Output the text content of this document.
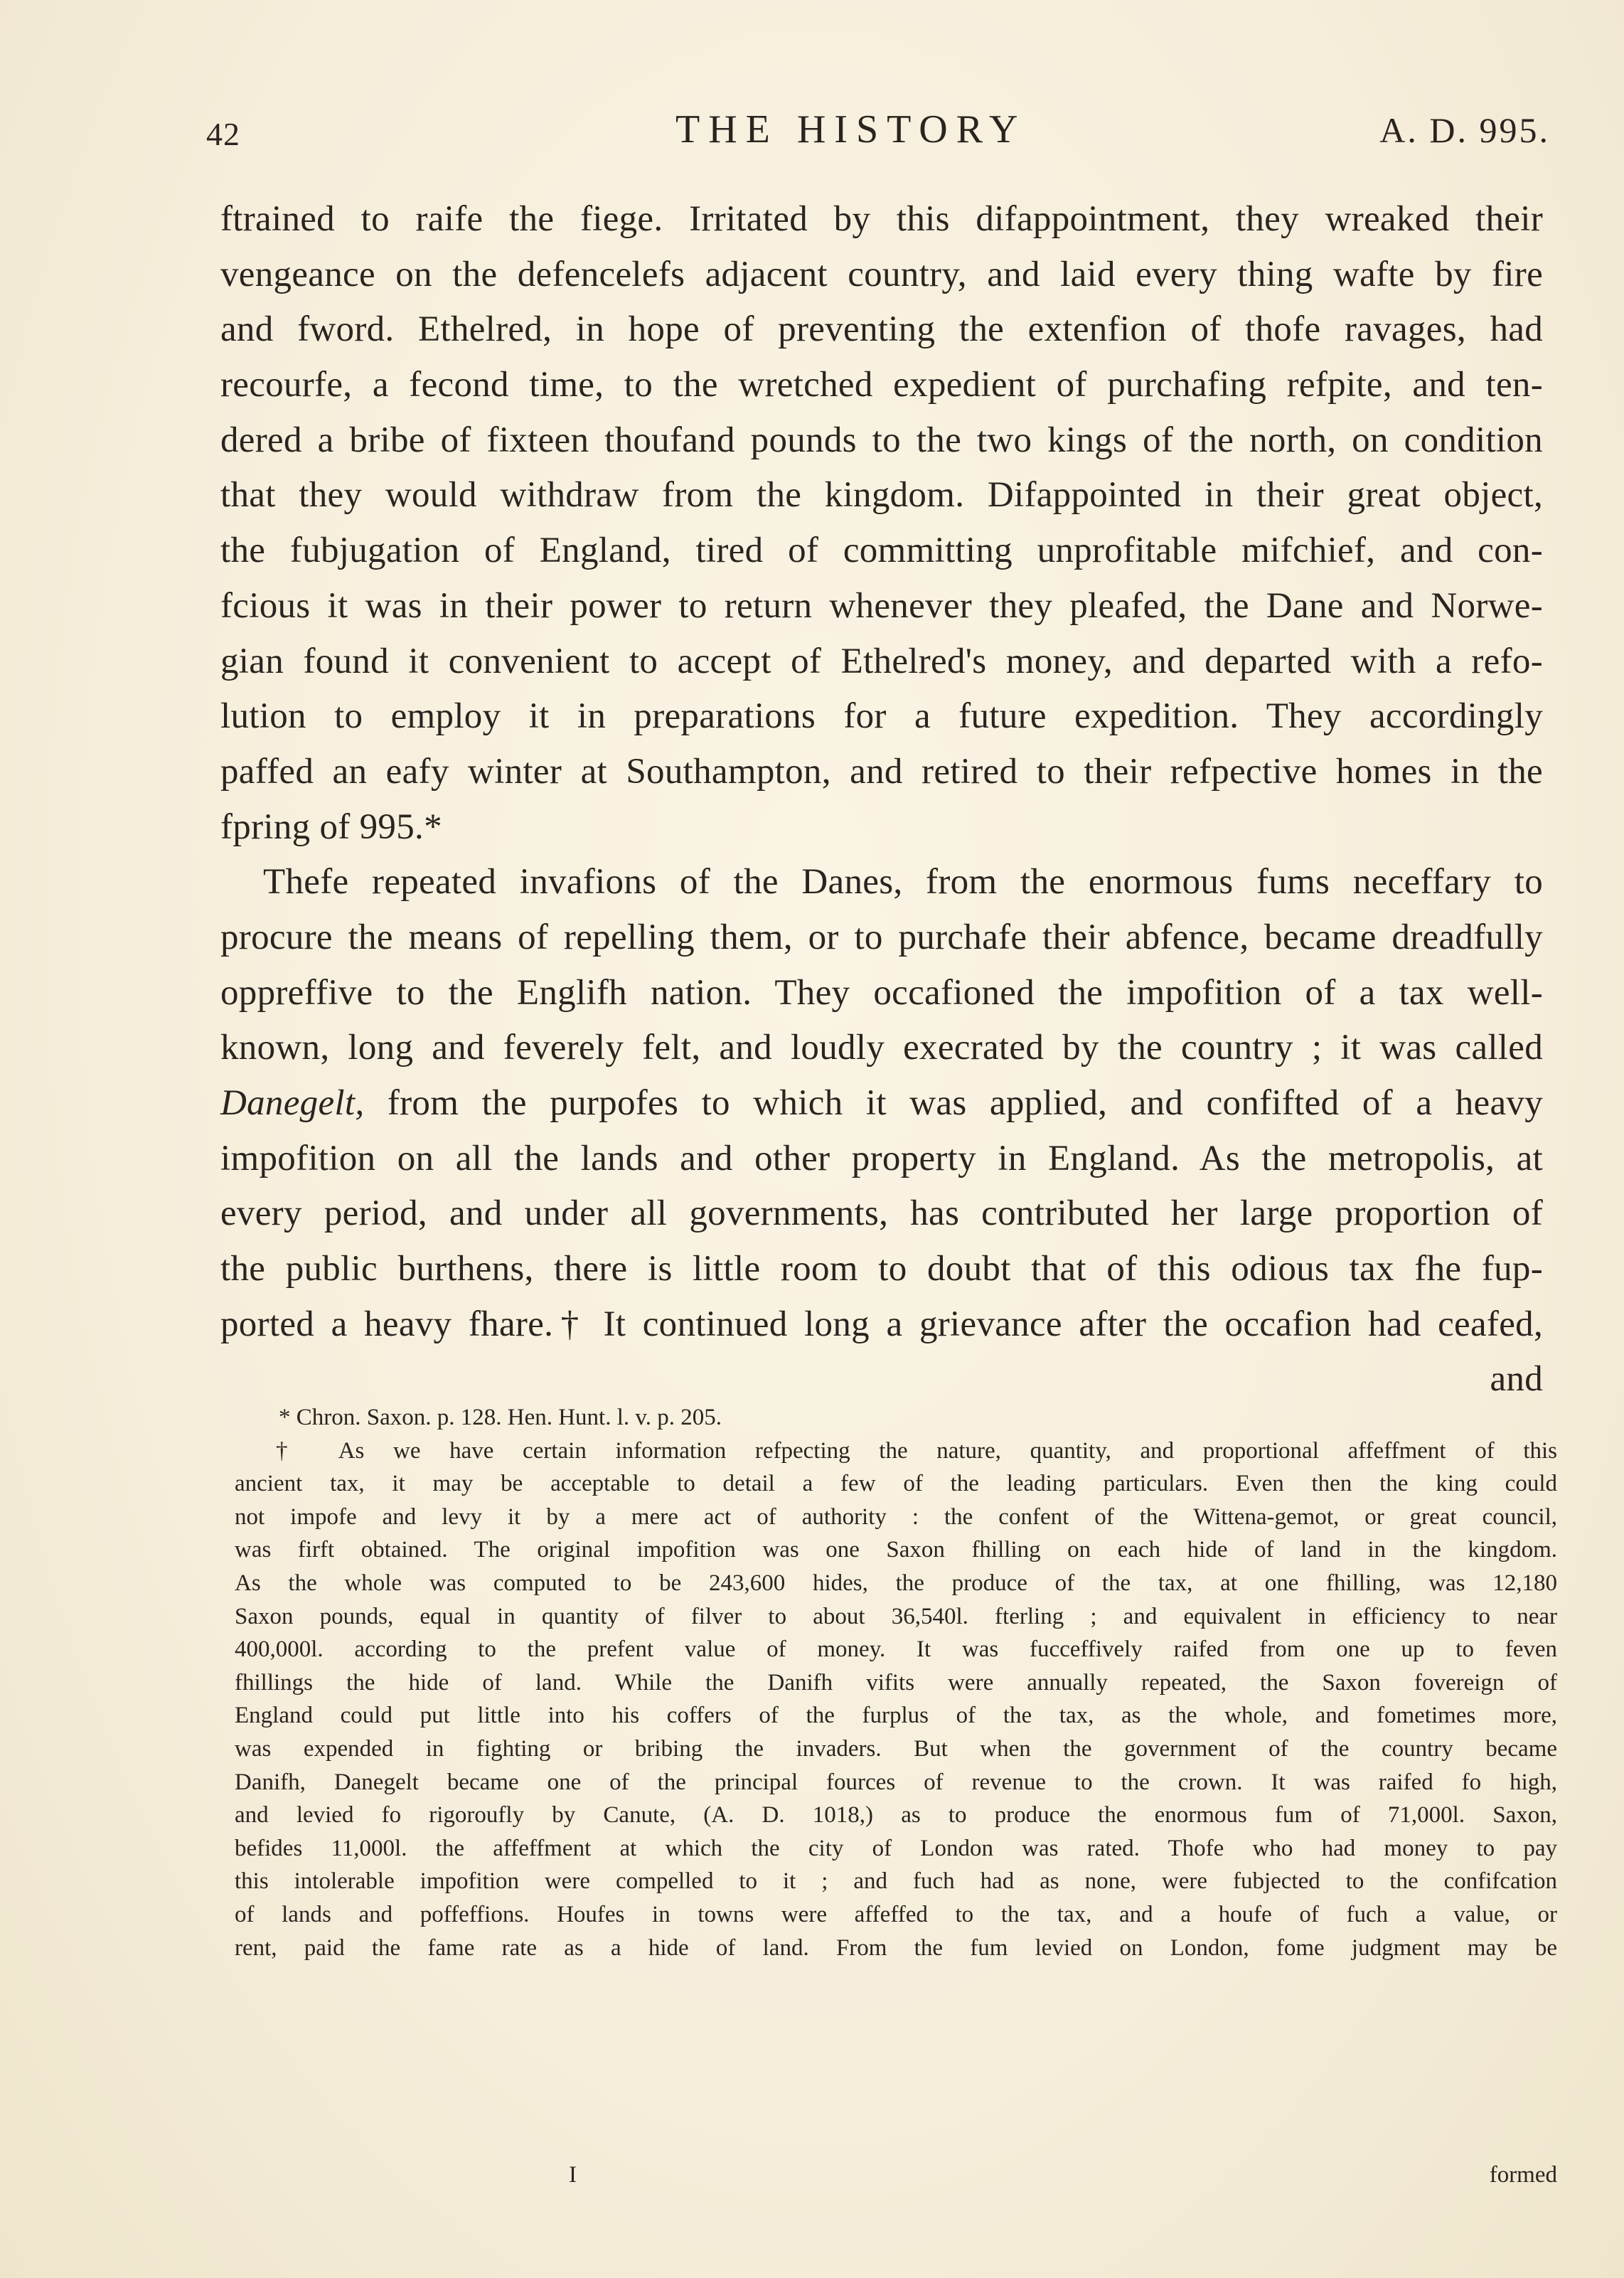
42	THE HISTORY	A. D. 995.
ftrained to raife the fiege. Irritated by this difappointment, they wreaked their
vengeance on the defencelefs adjacent country, and laid every thing wafte by fire
and fword. Ethelred, in hope of preventing the extenfion of thofe ravages, had
recourfe, a fecond time, to the wretched expedient of purchafing refpite, and ten-
dered a bribe of fixteen thoufand pounds to the two kings of the north, on condition
that they would withdraw from the kingdom. Difappointed in their great object,
the fubjugation of England, tired of committing unprofitable mifchief, and con-
fcious it was in their power to return whenever they pleafed, the Dane and Norwe-
gian found it convenient to accept of Ethelred's money, and departed with a refo-
lution to employ it in preparations for a future expedition. They accordingly
paffed an eafy winter at Southampton, and retired to their refpective homes in the
fpring of 995.*
Thefe repeated invafions of the Danes, from the enormous fums neceffary to
procure the means of repelling them, or to purchafe their abfence, became dreadfully
oppreffive to the Englifh nation. They occafioned the impofition of a tax well-
known, long and feverely felt, and loudly execrated by the country ; it was called
Danegelt, from the purpofes to which it was applied, and confifted of a heavy
impofition on all the lands and other property in England. As the metropolis, at
every period, and under all governments, has contributed her large proportion of
the public burthens, there is little room to doubt that of this odious tax fhe fup-
ported a heavy fhare.† It continued long a grievance after the occafion had ceafed,
and
* Chron. Saxon. p. 128. Hen. Hunt. l. v. p. 205.
† As we have certain information refpecting the nature, quantity, and proportional affeffment of this
ancient tax, it may be acceptable to detail a few of the leading particulars. Even then the king could
not impofe and levy it by a mere act of authority : the confent of the Wittena-gemot, or great council,
was firft obtained. The original impofition was one Saxon fhilling on each hide of land in the kingdom.
As the whole was computed to be 243,600 hides, the produce of the tax, at one fhilling, was 12,180
Saxon pounds, equal in quantity of filver to about 36,540l. fterling ; and equivalent in efficiency to near
400,000l. according to the prefent value of money. It was fucceffively raifed from one up to feven
fhillings the hide of land. While the Danifh vifits were annually repeated, the Saxon fovereign of
England could put little into his coffers of the furplus of the tax, as the whole, and fometimes more,
was expended in fighting or bribing the invaders. But when the government of the country became
Danifh, Danegelt became one of the principal fources of revenue to the crown. It was raifed fo high,
and levied fo rigoroufly by Canute, (A. D. 1018,) as to produce the enormous fum of 71,000l. Saxon,
befides 11,000l. the affeffment at which the city of London was rated. Thofe who had money to pay
this intolerable impofition were compelled to it ; and fuch had as none, were fubjected to the confifcation
of lands and poffeffions. Houfes in towns were affeffed to the tax, and a houfe of fuch a value, or
rent, paid the fame rate as a hide of land. From the fum levied on London, fome judgment may be
I	formed
